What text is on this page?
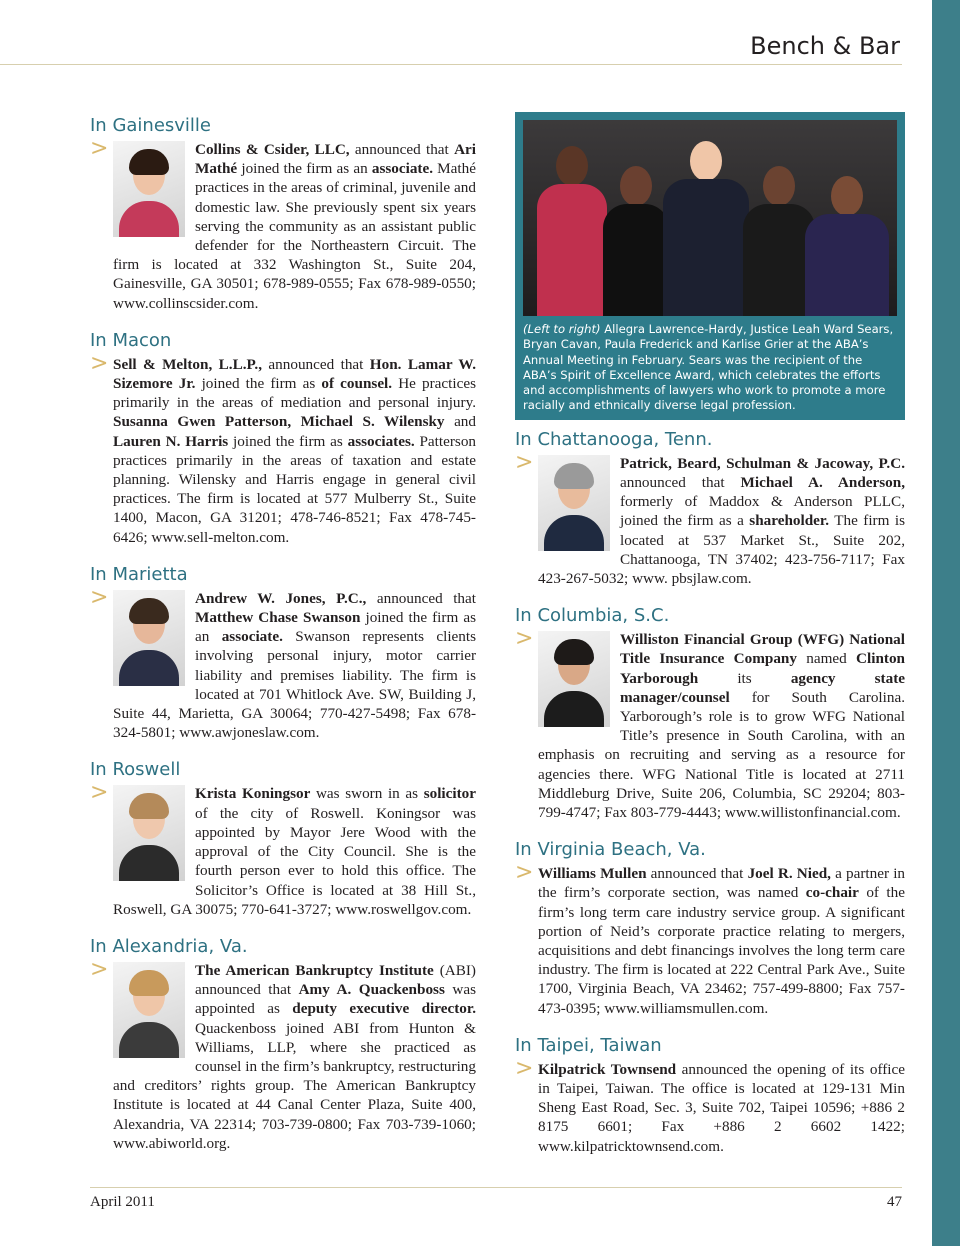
Bench & Bar
In Gainesville
>	Collins & Csider, LLC, announced that Ari Mathé joined the firm as an associate. Mathé practices in the areas of criminal, juvenile and domestic law. She previously spent six years serving the community as an assistant public defender for the Northeastern Circuit. The firm is located at 332 Washington St., Suite 204, Gainesville, GA 30501; 678-989-0555; Fax 678-989-0550; www.collinscsider.com.
In Macon
> Sell & Melton, L.L.P., announced that Hon. Lamar W. Sizemore Jr. joined the firm as of counsel. He practices primarily in the areas of mediation and personal injury. Susanna Gwen Patterson, Michael S. Wilensky and Lauren N. Harris joined the firm as associates. Patterson practices primarily in the areas of taxation and estate planning. Wilensky and Harris engage in general civil practices. The firm is located at 577 Mulberry St., Suite 1400, Macon, GA 31201; 478-746-8521; Fax 478-745-6426; www.sell-melton.com.
In Marietta
>	Andrew W. Jones, P.C., announced that Matthew Chase Swanson joined the firm as an associate. Swanson represents clients involving personal injury, motor carrier liability and premises liability. The firm is located at 701 Whitlock Ave. SW, Building J, Suite 44, Marietta, GA 30064; 770-427-5498; Fax 678-324-5801; www.awjoneslaw.com.
In Roswell
>	Krista Koningsor was sworn in as solicitor of the city of Roswell. Koningsor was appointed by Mayor Jere Wood with the approval of the City Council. She is the fourth person ever to hold this office. The Solicitor’s Office is located at 38 Hill St., Roswell, GA 30075; 770-641-3727; www.roswellgov.com.
In Alexandria, Va.
>	The American Bankruptcy Institute (ABI) announced that Amy A. Quackenboss was appointed as deputy executive director. Quackenboss joined ABI from Hunton & Williams, LLP, where she practiced as counsel in the firm’s bankruptcy, restructuring and creditors’ rights group. The American Bankruptcy Institute is located at 44 Canal Center Plaza, Suite 400, Alexandria, VA 22314; 703-739-0800; Fax 703-739-1060; www.abiworld.org.
(Left to right) Allegra Lawrence-Hardy, Justice Leah Ward Sears, Bryan Cavan, Paula Frederick and Karlise Grier at the ABA’s Annual Meeting in February. Sears was the recipient of the ABA’s Spirit of Excellence Award, which celebrates the efforts and accomplishments of lawyers who work to promote a more racially and ethnically diverse legal profession.
In Chattanooga, Tenn.
>	Patrick, Beard, Schulman & Jacoway, P.C. announced that Michael A. Anderson, formerly of Maddox & Anderson PLLC, joined the firm as a shareholder. The firm is located at 537 Market St., Suite 202, Chattanooga, TN 37402; 423-756-7117; Fax 423-267-5032; www. pbsjlaw.com.
In Columbia, S.C.
>	Williston Financial Group (WFG) National Title Insurance Company named Clinton Yarborough its agency state manager/counsel for South Carolina. Yarborough’s role is to grow WFG National Title’s presence in South Carolina, with an emphasis on recruiting and serving as a resource for agencies there. WFG National Title is located at 2711 Middleburg Drive, Suite 206, Columbia, SC 29204; 803-799-4747; Fax 803-779-4443; www.willistonfinancial.com.
In Virginia Beach, Va.
> Williams Mullen announced that Joel R. Nied, a partner in the firm’s corporate section, was named co-chair of the firm’s long term care industry service group. A significant portion of Neid’s corporate practice relating to mergers, acquisitions and debt financings involves the long term care industry. The firm is located at 222 Central Park Ave., Suite 1700, Virginia Beach, VA 23462; 757-499-8800; Fax 757-473-0395; www.williamsmullen.com.
In Taipei, Taiwan
> Kilpatrick Townsend announced the opening of its office in Taipei, Taiwan. The office is located at 129-131 Min Sheng East Road, Sec. 3, Suite 702, Taipei 10596; +886 2 8175 6601; Fax +886 2 6602 1422; www.kilpatricktownsend.com.
April 2011	47
